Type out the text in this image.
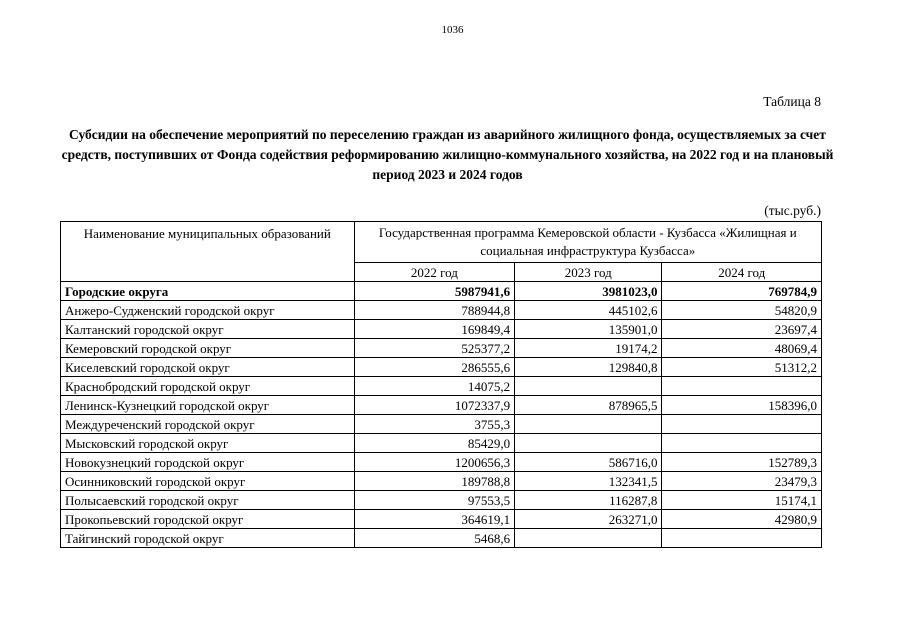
1036
Таблица 8
Субсидии на обеспечение мероприятий по переселению граждан из аварийного жилищного фонда, осуществляемых за счет средств, поступивших от Фонда содействия реформированию жилищно-коммунального хозяйства, на 2022 год и на плановый период 2023 и 2024 годов
(тыс.руб.)
Наименование муниципальных образований	Государственная программа Кемеровской области - Кузбасса «Жилищная и социальная инфраструктура Кузбасса»		
	2022 год	2023 год	2024 год
Городские округа	5987941,6	3981023,0	769784,9
Анжеро-Судженский городской округ	788944,8	445102,6	54820,9
Калтанский городской округ	169849,4	135901,0	23697,4
Кемеровский городской округ	525377,2	19174,2	48069,4
Киселевский городской округ	286555,6	129840,8	51312,2
Краснобродский городской округ	14075,2		
Ленинск-Кузнецкий городской округ	1072337,9	878965,5	158396,0
Междуреченский городской округ	3755,3		
Мысковский городской округ	85429,0		
Новокузнецкий городской округ	1200656,3	586716,0	152789,3
Осинниковский городской округ	189788,8	132341,5	23479,3
Полысаевский городской округ	97553,5	116287,8	15174,1
Прокопьевский городской округ	364619,1	263271,0	42980,9
Тайгинский городской округ	5468,6		
